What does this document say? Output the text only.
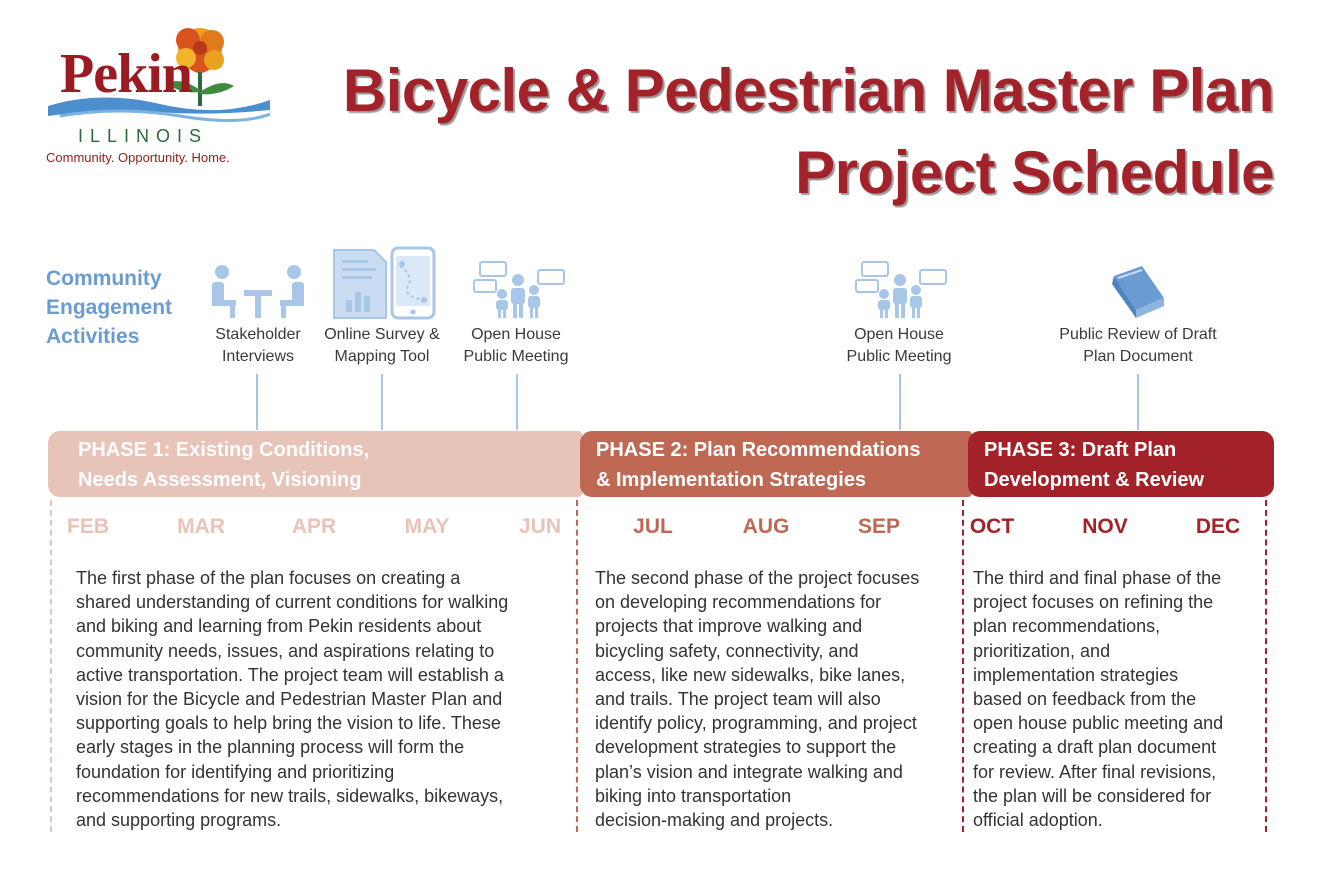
Pekin
ILLINOIS
Community. Opportunity. Home.
Bicycle & Pedestrian Master Plan
Project Schedule
Community
Engagement
Activities	Stakeholder
Interviews
Online Survey &
Mapping Tool
Open House
Public Meeting
Open House
Public Meeting
Public Review of Draft
Plan Document
PHASE 1: Existing Conditions,
Needs Assessment, Visioning
PHASE 2: Plan Recommendations
& Implementation Strategies
PHASE 3: Draft Plan
Development & Review
FEB	MAR	APR	MAY	JUN	JUL	AUG	SEP	OCT	NOV	DEC
The first phase of the plan focuses on creating a
shared understanding of current conditions for walking
and biking and learning from Pekin residents about
community needs, issues, and aspirations relating to
active transportation. The project team will establish a
vision for the Bicycle and Pedestrian Master Plan and
supporting goals to help bring the vision to life. These
early stages in the planning process will form the
foundation for identifying and prioritizing
recommendations for new trails, sidewalks, bikeways,
and supporting programs.
The second phase of the project focuses
on developing recommendations for
projects that improve walking and
bicycling safety, connectivity, and
access, like new sidewalks, bike lanes,
and trails. The project team will also
identify policy, programming, and project
development strategies to support the
plan’s vision and integrate walking and
biking into transportation
decision-making and projects.
The third and final phase of the
project focuses on refining the
plan recommendations,
prioritization, and
implementation strategies
based on feedback from the
open house public meeting and
creating a draft plan document
for review. After final revisions,
the plan will be considered for
official adoption.
